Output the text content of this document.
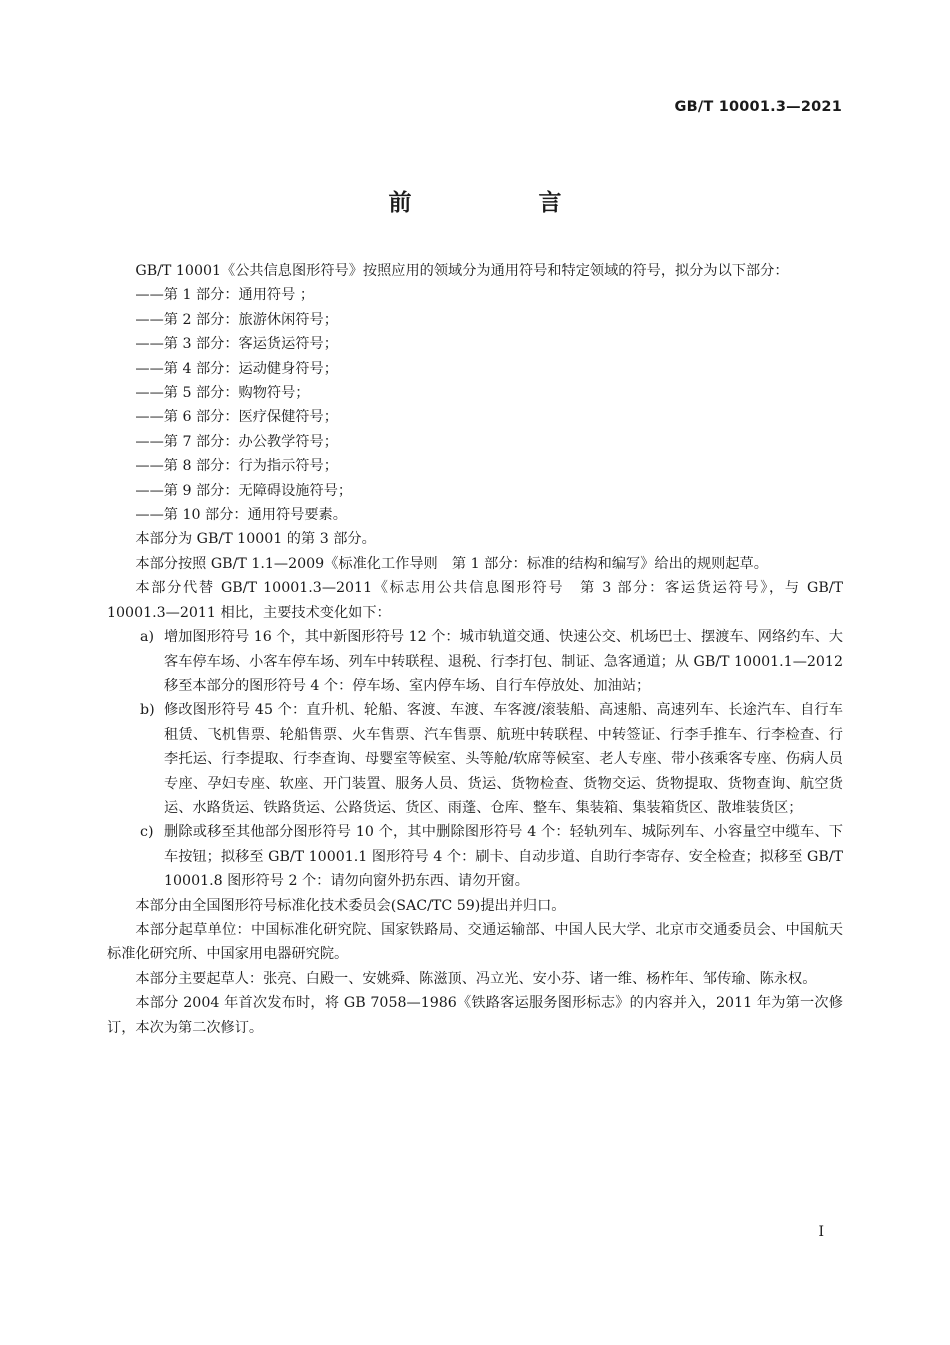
GB/T 10001.3—2021
前　言

GB/T 10001《公共信息图形符号》按照应用的领域分为通用符号和特定领域的符号，拟分为以下部分：

——第 1 部分：通用符号 ；

——第 2 部分：旅游休闲符号；

——第 3 部分：客运货运符号；

——第 4 部分：运动健身符号；

——第 5 部分：购物符号；

——第 6 部分：医疗保健符号；

——第 7 部分：办公教学符号；

——第 8 部分：行为指示符号；

——第 9 部分：无障碍设施符号；

——第 10 部分：通用符号要素。

本部分为 GB/T 10001 的第 3 部分。

本部分按照 GB/T 1.1—2009《标准化工作导则　第 1 部分：标准的结构和编写》给出的规则起草。

本部分代替 GB/T 10001.3—2011《标志用公共信息图形符号　第 3 部分：客运货运符号》，与 GB/T 10001.3—2011 相比，主要技术变化如下：

a) 增加图形符号 16 个，其中新图形符号 12 个：城市轨道交通、快速公交、机场巴士、摆渡车、网络约车、大客车停车场、小客车停车场、列车中转联程、退税、行李打包、制证、急客通道；从 GB/T 10001.1—2012 移至本部分的图形符号 4 个：停车场、室内停车场、自行车停放处、加油站；
b) 修改图形符号 45 个：直升机、轮船、客渡、车渡、车客渡/滚装船、高速船、高速列车、长途汽车、自行车租赁、飞机售票、轮船售票、火车售票、汽车售票、航班中转联程、中转签证、行李手推车、行李检查、行李托运、行李提取、行李查询、母婴室等候室、头等舱/软席等候室、老人专座、带小孩乘客专座、伤病人员专座、孕妇专座、软座、开门装置、服务人员、货运、货物检查、货物交运、货物提取、货物查询、航空货运、水路货运、铁路货运、公路货运、货区、雨蓬、仓库、整车、集装箱、集装箱货区、散堆装货区；
c) 删除或移至其他部分图形符号 10 个，其中删除图形符号 4 个：轻轨列车、城际列车、小容量空中缆车、下车按钮；拟移至 GB/T 10001.1 图形符号 4 个：刷卡、自动步道、自助行李寄存、安全检查；拟移至 GB/T 10001.8 图形符号 2 个：请勿向窗外扔东西、请勿开窗。

本部分由全国图形符号标准化技术委员会(SAC/TC 59)提出并归口。

本部分起草单位：中国标准化研究院、国家铁路局、交通运输部、中国人民大学、北京市交通委员会、中国航天标准化研究所、中国家用电器研究院。

本部分主要起草人：张亮、白殿一、安姚舜、陈滋顶、冯立光、安小芬、诸一维、杨柞年、邹传瑜、陈永权。

本部分 2004 年首次发布时，将 GB 7058—1986《铁路客运服务图形标志》的内容并入，2011 年为第一次修订，本次为第二次修订。

I
